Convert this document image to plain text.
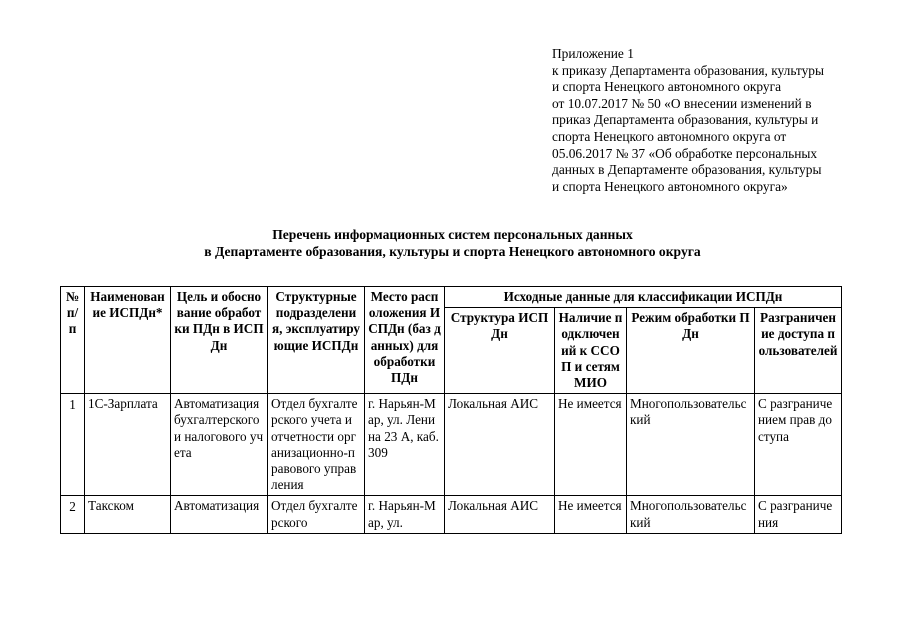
Приложение 1
к приказу Департамента образования, культуры
и спорта Ненецкого автономного округа
от 10.07.2017 № 50 «О внесении изменений в
приказ Департамента образования, культуры и
спорта Ненецкого автономного округа от
05.06.2017 № 37 «Об обработке персональных
данных в Департаменте образования, культуры
и спорта Ненецкого автономного округа»
Перечень информационных систем персональных данных
в Департаменте образования, культуры и спорта Ненецкого автономного округа
№ п/п	Наименование ИСПДн*	Цель и обоснование обработки ПДн в ИСПДн	Структурные подразделения, эксплуатирующие ИСПДн	Место расположения ИСПДн (баз данных) для обработки ПДн	Исходные данные для классификации ИСПДн			
					Структура ИСПДн	Наличие подключений к ССОП и сетям МИО	Режим обработки ПДн	Разграничение доступа пользователей
1	1С-Зарплата	Автоматизация бухгалтерского и налогового учета	Отдел бухгалтерского учета и отчетности организационно-правового управления	г. Нарьян-Мар, ул. Ленина 23 А, каб. 309	Локальная АИС	Не имеется	Многопользовательский	С разграничением прав доступа
2	Такском	Автоматизация	Отдел бухгалтерского	г. Нарьян-Мар, ул.	Локальная АИС	Не имеется	Многопользовательский	С разграничения
